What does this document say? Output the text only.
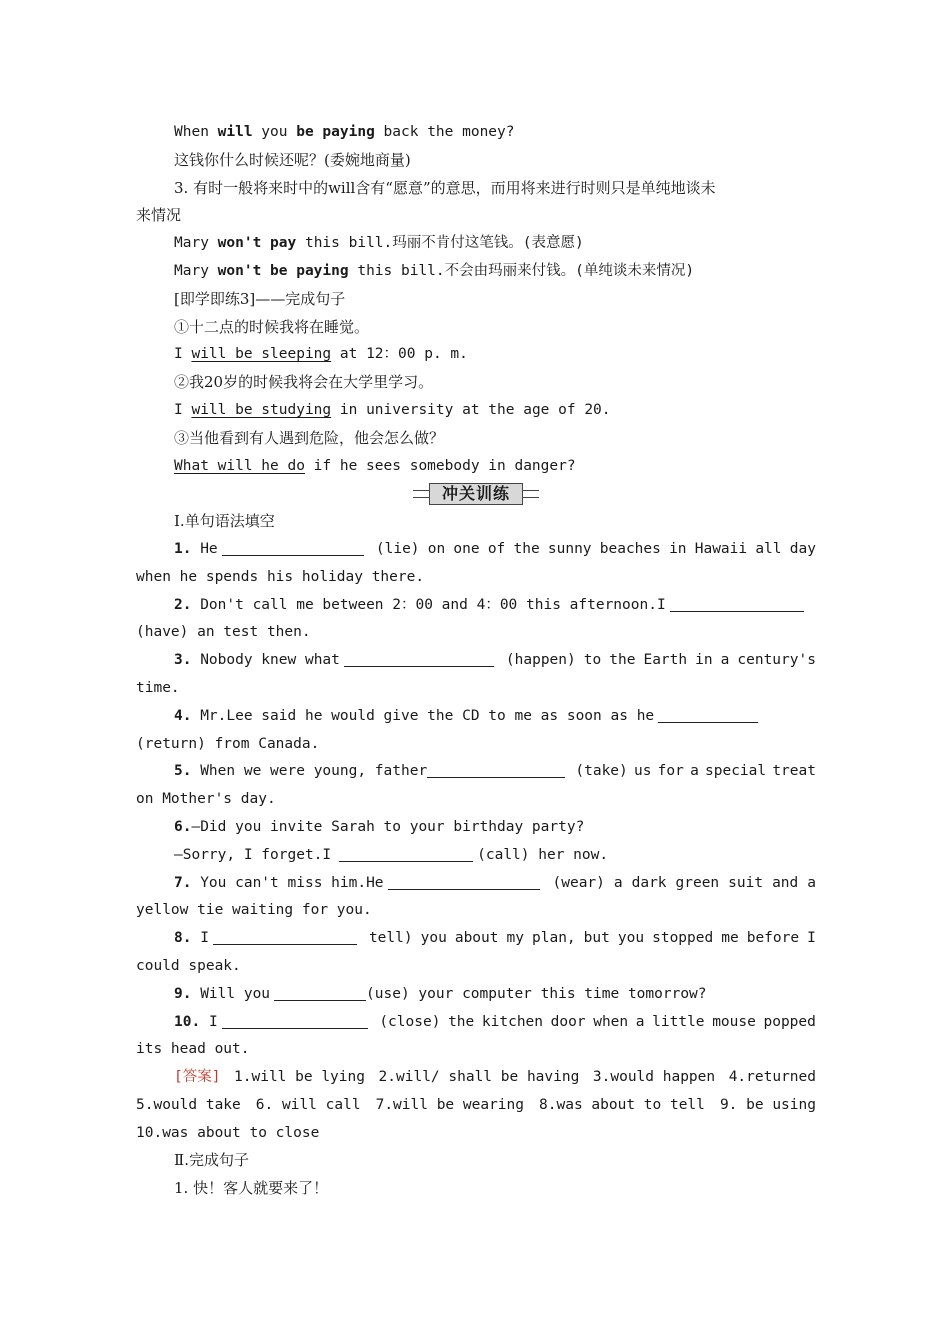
When will you be paying back the money?
这钱你什么时候还呢？(委婉地商量)
3. 有时一般将来时中的will含有“愿意”的意思，而用将来进行时则只是单纯地谈未
来情况
Mary won't pay this bill.玛丽不肯付这笔钱。(表意愿)
Mary won't be paying this bill.不会由玛丽来付钱。(单纯谈未来情况)
[即学即练3]——完成句子
①十二点的时候我将在睡觉。
I will be sleeping at 12：00 p. m.
②我20岁的时候我将会在大学里学习。
I will be studying in university at the age of 20.
③当他看到有人遇到危险，他会怎么做？
What will he do if he sees somebody in danger?
冲关训练
Ⅰ.单句语法填空
1. He	(lie) on one of the sunny beaches in Hawaii all day
when he spends his holiday there.
2. Don't call me between 2：00 and 4：00 this afternoon.I
(have) an test then.
3. Nobody knew what	(happen) to the Earth in a century's
time.
4. Mr.Lee said he would give the CD to me as soon as he
(return) from Canada.
5. When we were young, father	(take) us for a special treat
on Mother's day.
6.—Did you invite Sarah to your birthday party?
—Sorry, I forget.I	(call) her now.
7. You can't miss him.He	(wear) a dark green suit and a
yellow tie waiting for you.
8. I	tell) you about my plan, but you stopped me before I
could speak.
9. Will you	(use) your computer this time tomorrow?
10. I	(close) the kitchen door when a little mouse popped
its head out.
[答案] 1.will be lying 2.will/ shall be having 3.would happen 4.returned
5.would take 6. will call 7.will be wearing 8.was about to tell 9. be using
10.was about to close
Ⅱ.完成句子
1. 快！客人就要来了！
